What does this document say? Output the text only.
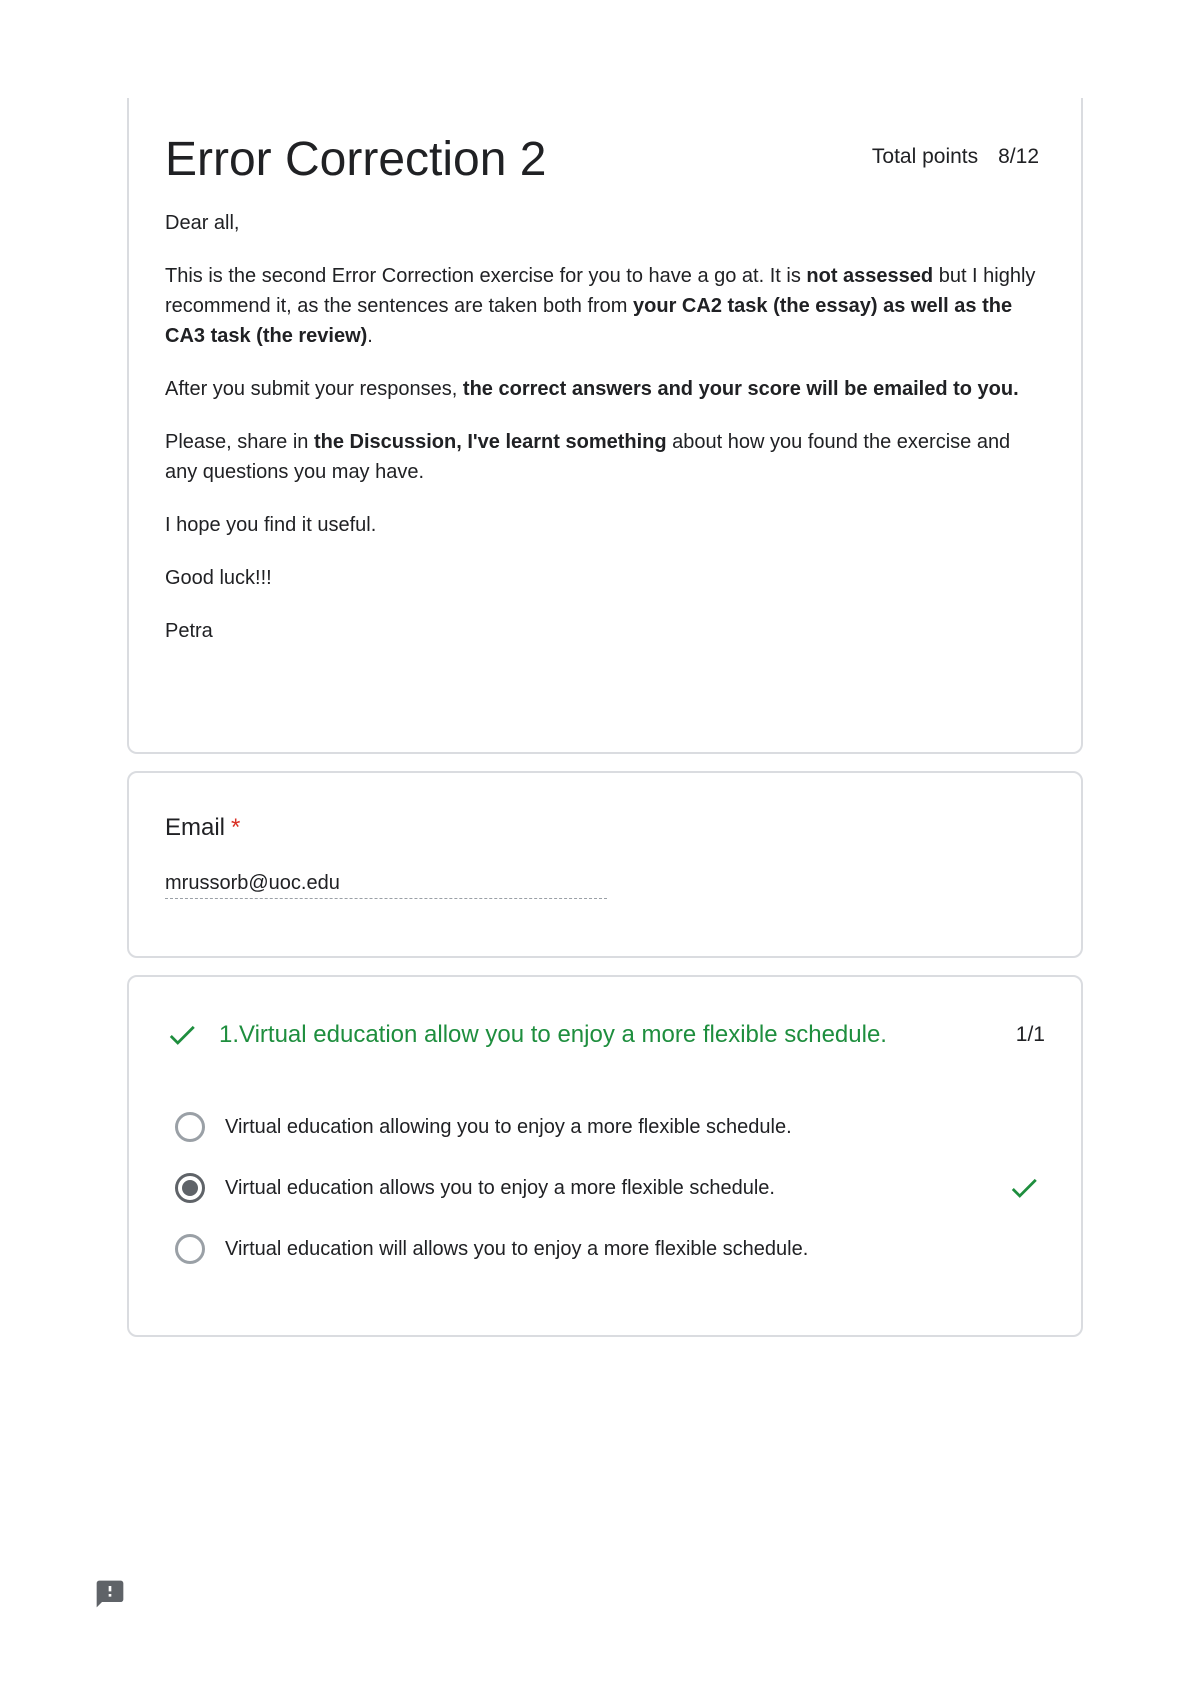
Error Correction 2	Total points 8/12

Dear all,

This is the second Error Correction exercise for you to have a go at. It is not assessed but I highly recommend it, as the sentences are taken both from your CA2 task (the essay) as well as the CA3 task (the review).

After you submit your responses, the correct answers and your score will be emailed to you.

Please, share in the Discussion, I've learnt something about how you found the exercise and any questions you may have.

I hope you find it useful.

Good luck!!!

Petra

Email *
mrussorb@uoc.edu
1.Virtual education allow you to enjoy a more flexible schedule.	1/1
Virtual education allowing you to enjoy a more flexible schedule.
Virtual education allows you to enjoy a more flexible schedule.
Virtual education will allows you to enjoy a more flexible schedule.
